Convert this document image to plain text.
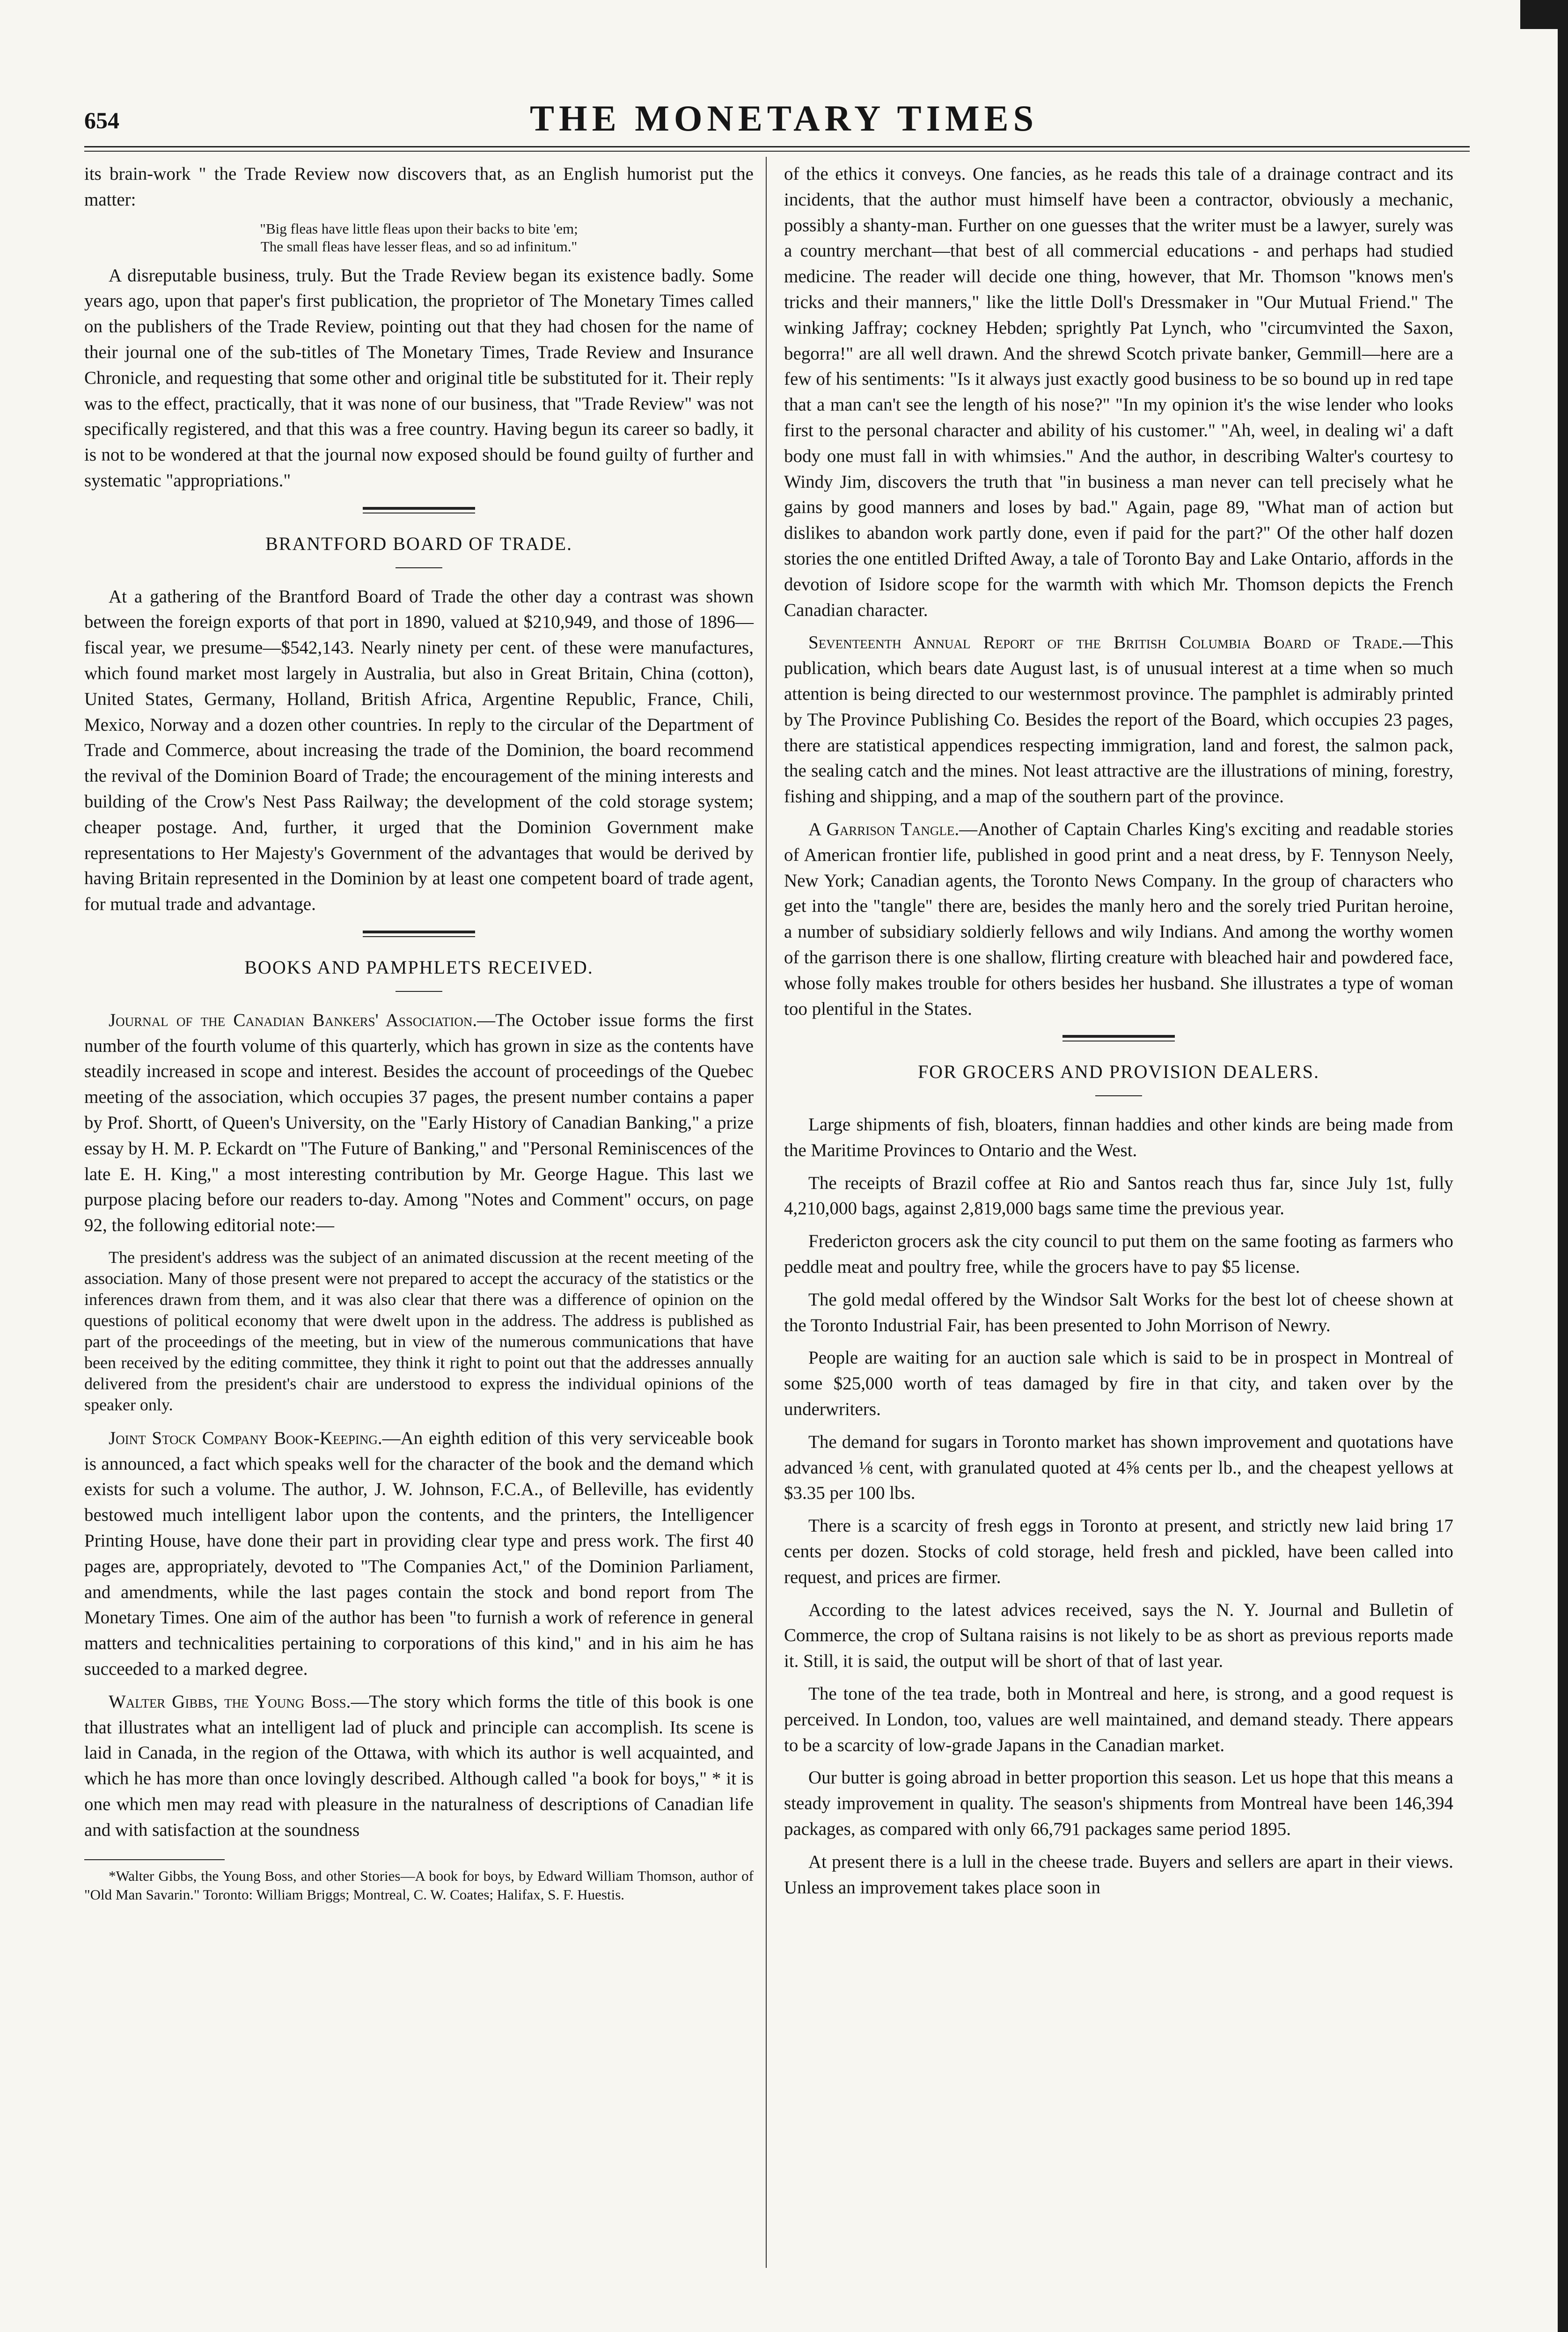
654	THE MONETARY TIMES

its brain-work " the Trade Review now discovers that, as an English humorist put the matter:

"Big fleas have little fleas upon their backs to bite 'em;
The small fleas have lesser fleas, and so ad infinitum."

A disreputable business, truly. But the Trade Review began its existence badly. Some years ago, upon that paper's first publication, the proprietor of The Monetary Times called on the publishers of the Trade Review, pointing out that they had chosen for the name of their journal one of the sub-titles of The Monetary Times, Trade Review and Insurance Chronicle, and requesting that some other and original title be substituted for it. Their reply was to the effect, practically, that it was none of our business, that "Trade Review" was not specifically registered, and that this was a free country. Having begun its career so badly, it is not to be wondered at that the journal now exposed should be found guilty of further and systematic "appropriations."

BRANTFORD BOARD OF TRADE.

At a gathering of the Brantford Board of Trade the other day a contrast was shown between the foreign exports of that port in 1890, valued at $210,949, and those of 1896—fiscal year, we presume—$542,143. Nearly ninety per cent. of these were manufactures, which found market most largely in Australia, but also in Great Britain, China (cotton), United States, Germany, Holland, British Africa, Argentine Republic, France, Chili, Mexico, Norway and a dozen other countries. In reply to the circular of the Department of Trade and Commerce, about increasing the trade of the Dominion, the board recommend the revival of the Dominion Board of Trade; the encouragement of the mining interests and building of the Crow's Nest Pass Railway; the development of the cold storage system; cheaper postage. And, further, it urged that the Dominion Government make representations to Her Majesty's Government of the advantages that would be derived by having Britain represented in the Dominion by at least one competent board of trade agent, for mutual trade and advantage.

BOOKS AND PAMPHLETS RECEIVED.

Journal of the Canadian Bankers' Association.—The October issue forms the first number of the fourth volume of this quarterly, which has grown in size as the contents have steadily increased in scope and interest. Besides the account of proceedings of the Quebec meeting of the association, which occupies 37 pages, the present number contains a paper by Prof. Shortt, of Queen's University, on the "Early History of Canadian Banking," a prize essay by H. M. P. Eckardt on "The Future of Banking," and "Personal Reminiscences of the late E. H. King," a most interesting contribution by Mr. George Hague. This last we purpose placing before our readers to-day. Among "Notes and Comment" occurs, on page 92, the following editorial note:—

The president's address was the subject of an animated discussion at the recent meeting of the association. Many of those present were not prepared to accept the accuracy of the statistics or the inferences drawn from them, and it was also clear that there was a difference of opinion on the questions of political economy that were dwelt upon in the address. The address is published as part of the proceedings of the meeting, but in view of the numerous communications that have been received by the editing committee, they think it right to point out that the addresses annually delivered from the president's chair are understood to express the individual opinions of the speaker only.

Joint Stock Company Book-Keeping.—An eighth edition of this very serviceable book is announced, a fact which speaks well for the character of the book and the demand which exists for such a volume. The author, J. W. Johnson, F.C.A., of Belleville, has evidently bestowed much intelligent labor upon the contents, and the printers, the Intelligencer Printing House, have done their part in providing clear type and press work. The first 40 pages are, appropriately, devoted to "The Companies Act," of the Dominion Parliament, and amendments, while the last pages contain the stock and bond report from The Monetary Times. One aim of the author has been "to furnish a work of reference in general matters and technicalities pertaining to corporations of this kind," and in his aim he has succeeded to a marked degree.

Walter Gibbs, the Young Boss.—The story which forms the title of this book is one that illustrates what an intelligent lad of pluck and principle can accomplish. Its scene is laid in Canada, in the region of the Ottawa, with which its author is well acquainted, and which he has more than once lovingly described. Although called "a book for boys," * it is one which men may read with pleasure in the naturalness of descriptions of Canadian life and with satisfaction at the soundness

*Walter Gibbs, the Young Boss, and other Stories—A book for boys, by Edward William Thomson, author of "Old Man Savarin." Toronto: William Briggs; Montreal, C. W. Coates; Halifax, S. F. Huestis.

of the ethics it conveys. One fancies, as he reads this tale of a drainage contract and its incidents, that the author must himself have been a contractor, obviously a mechanic, possibly a shanty-man. Further on one guesses that the writer must be a lawyer, surely was a country merchant—that best of all commercial educations - and perhaps had studied medicine. The reader will decide one thing, however, that Mr. Thomson "knows men's tricks and their manners," like the little Doll's Dressmaker in "Our Mutual Friend." The winking Jaffray; cockney Hebden; sprightly Pat Lynch, who "circumvinted the Saxon, begorra!" are all well drawn. And the shrewd Scotch private banker, Gemmill—here are a few of his sentiments: "Is it always just exactly good business to be so bound up in red tape that a man can't see the length of his nose?" "In my opinion it's the wise lender who looks first to the personal character and ability of his customer." "Ah, weel, in dealing wi' a daft body one must fall in with whimsies." And the author, in describing Walter's courtesy to Windy Jim, discovers the truth that "in business a man never can tell precisely what he gains by good manners and loses by bad." Again, page 89, "What man of action but dislikes to abandon work partly done, even if paid for the part?" Of the other half dozen stories the one entitled Drifted Away, a tale of Toronto Bay and Lake Ontario, affords in the devotion of Isidore scope for the warmth with which Mr. Thomson depicts the French Canadian character.

Seventeenth Annual Report of the British Columbia Board of Trade.—This publication, which bears date August last, is of unusual interest at a time when so much attention is being directed to our westernmost province. The pamphlet is admirably printed by The Province Publishing Co. Besides the report of the Board, which occupies 23 pages, there are statistical appendices respecting immigration, land and forest, the salmon pack, the sealing catch and the mines. Not least attractive are the illustrations of mining, forestry, fishing and shipping, and a map of the southern part of the province.

A Garrison Tangle.—Another of Captain Charles King's exciting and readable stories of American frontier life, published in good print and a neat dress, by F. Tennyson Neely, New York; Canadian agents, the Toronto News Company. In the group of characters who get into the "tangle" there are, besides the manly hero and the sorely tried Puritan heroine, a number of subsidiary soldierly fellows and wily Indians. And among the worthy women of the garrison there is one shallow, flirting creature with bleached hair and powdered face, whose folly makes trouble for others besides her husband. She illustrates a type of woman too plentiful in the States.

FOR GROCERS AND PROVISION DEALERS.

Large shipments of fish, bloaters, finnan haddies and other kinds are being made from the Maritime Provinces to Ontario and the West.

The receipts of Brazil coffee at Rio and Santos reach thus far, since July 1st, fully 4,210,000 bags, against 2,819,000 bags same time the previous year.

Fredericton grocers ask the city council to put them on the same footing as farmers who peddle meat and poultry free, while the grocers have to pay $5 license.

The gold medal offered by the Windsor Salt Works for the best lot of cheese shown at the Toronto Industrial Fair, has been presented to John Morrison of Newry.

People are waiting for an auction sale which is said to be in prospect in Montreal of some $25,000 worth of teas damaged by fire in that city, and taken over by the underwriters.

The demand for sugars in Toronto market has shown improvement and quotations have advanced ⅛ cent, with granulated quoted at 4⅝ cents per lb., and the cheapest yellows at $3.35 per 100 lbs.

There is a scarcity of fresh eggs in Toronto at present, and strictly new laid bring 17 cents per dozen. Stocks of cold storage, held fresh and pickled, have been called into request, and prices are firmer.

According to the latest advices received, says the N. Y. Journal and Bulletin of Commerce, the crop of Sultana raisins is not likely to be as short as previous reports made it. Still, it is said, the output will be short of that of last year.

The tone of the tea trade, both in Montreal and here, is strong, and a good request is perceived. In London, too, values are well maintained, and demand steady. There appears to be a scarcity of low-grade Japans in the Canadian market.

Our butter is going abroad in better proportion this season. Let us hope that this means a steady improvement in quality. The season's shipments from Montreal have been 146,394 packages, as compared with only 66,791 packages same period 1895.

At present there is a lull in the cheese trade. Buyers and sellers are apart in their views. Unless an improvement takes place soon in
